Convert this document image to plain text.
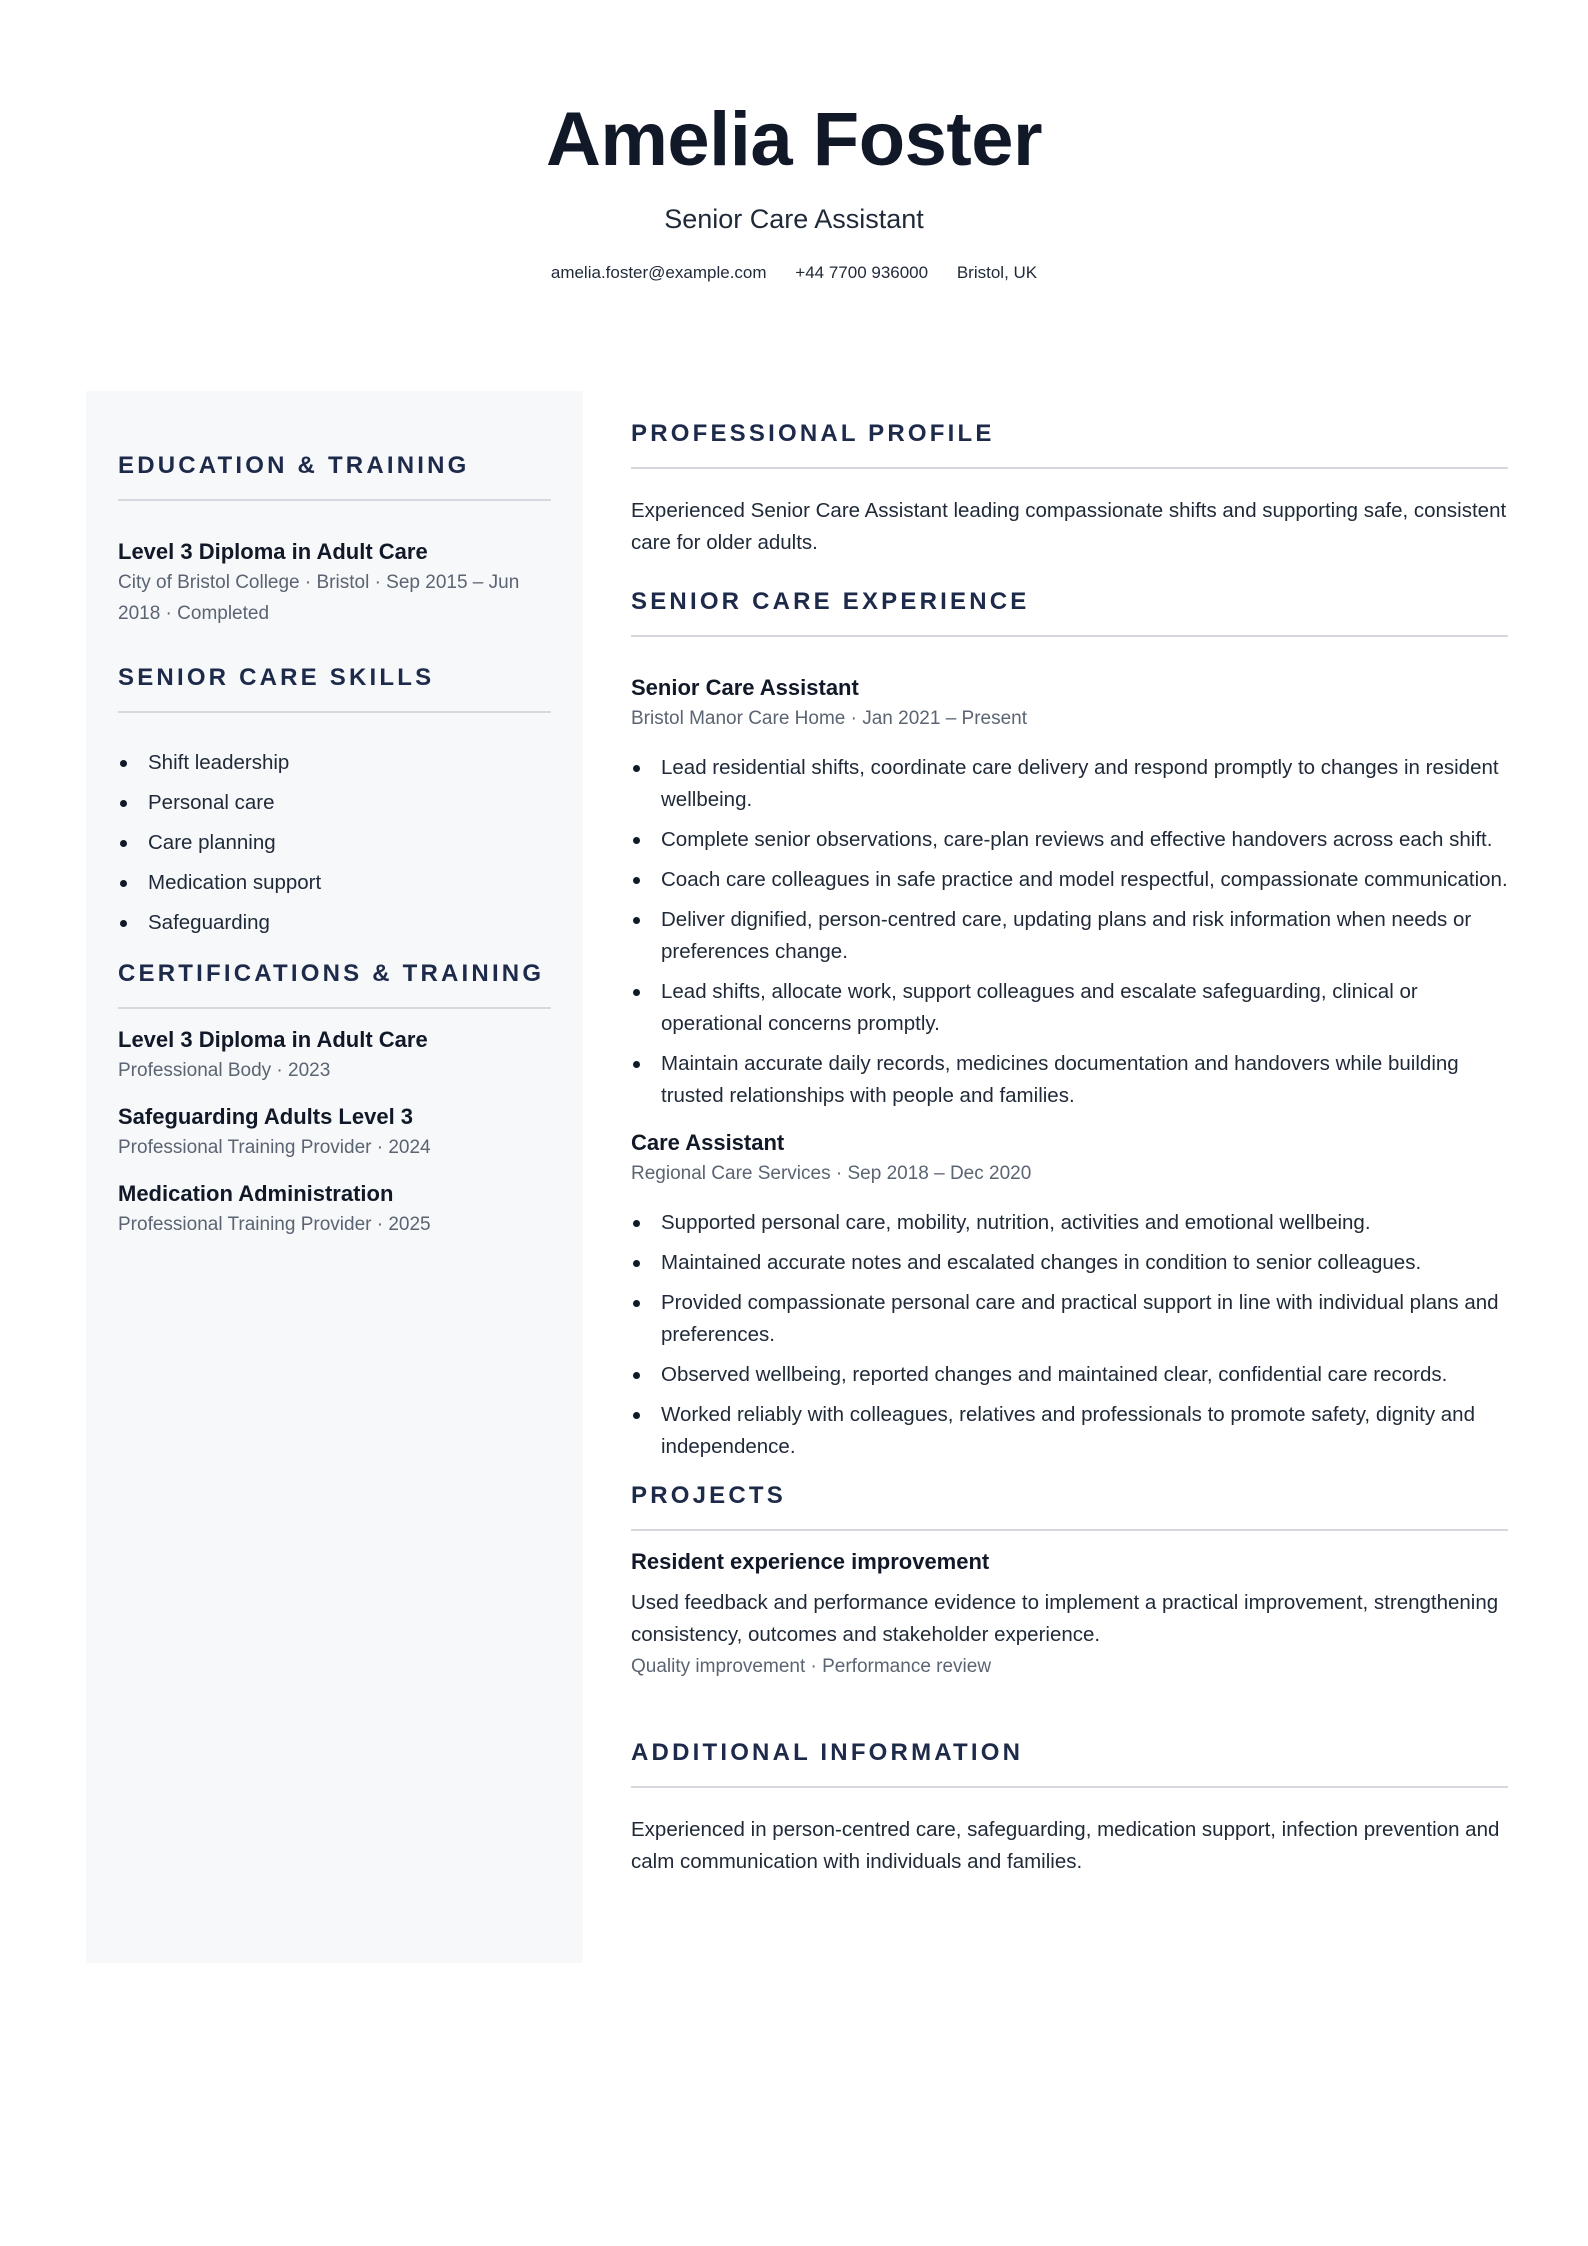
Amelia Foster
Senior Care Assistant
amelia.foster@example.com +44 7700 936000 Bristol, UK
EDUCATION & TRAINING
Level 3 Diploma in Adult Care
City of Bristol College · Bristol · Sep 2015 – Jun 2018 · Completed
SENIOR CARE SKILLS
Shift leadership
Personal care
Care planning
Medication support
Safeguarding
CERTIFICATIONS & TRAINING
Level 3 Diploma in Adult Care
Professional Body · 2023
Safeguarding Adults Level 3
Professional Training Provider · 2024
Medication Administration
Professional Training Provider · 2025
PROFESSIONAL PROFILE

Experienced Senior Care Assistant leading compassionate shifts and supporting safe, consistent care for older adults.

SENIOR CARE EXPERIENCE
Senior Care Assistant
Bristol Manor Care Home · Jan 2021 – Present
Lead residential shifts, coordinate care delivery and respond promptly to changes in resident wellbeing.
Complete senior observations, care-plan reviews and effective handovers across each shift.
Coach care colleagues in safe practice and model respectful, compassionate communication.
Deliver dignified, person-centred care, updating plans and risk information when needs or preferences change.
Lead shifts, allocate work, support colleagues and escalate safeguarding, clinical or operational concerns promptly.
Maintain accurate daily records, medicines documentation and handovers while building trusted relationships with people and families.
Care Assistant
Regional Care Services · Sep 2018 – Dec 2020
Supported personal care, mobility, nutrition, activities and emotional wellbeing.
Maintained accurate notes and escalated changes in condition to senior colleagues.
Provided compassionate personal care and practical support in line with individual plans and preferences.
Observed wellbeing, reported changes and maintained clear, confidential care records.
Worked reliably with colleagues, relatives and professionals to promote safety, dignity and independence.
PROJECTS
Resident experience improvement

Used feedback and performance evidence to implement a practical improvement, strengthening consistency, outcomes and stakeholder experience.

Quality improvement · Performance review
ADDITIONAL INFORMATION

Experienced in person-centred care, safeguarding, medication support, infection prevention and calm communication with individuals and families.
